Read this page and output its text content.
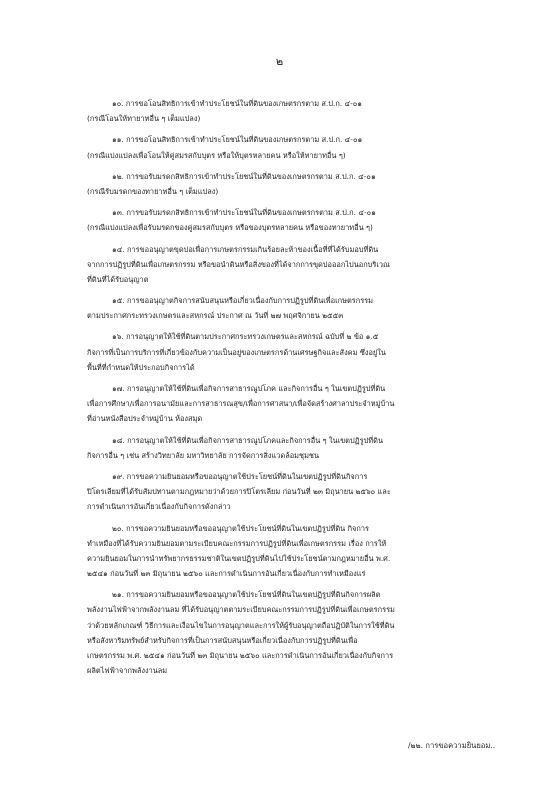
๒
๑๐. การขอโอนสิทธิการเข้าทำประโยชน์ในที่ดินของเกษตรกรตาม ส.ป.ก. ๔-๐๑
(กรณีโอนให้ทายาทอื่น ๆ เต็มแปลง)
๑๑. การขอโอนสิทธิการเข้าทำประโยชน์ในที่ดินของเกษตรกรตาม ส.ป.ก. ๔-๐๑
(กรณีแบ่งแปลงเพื่อโอนให้คู่สมรสกับบุตร หรือให้บุตรหลายคน หรือให้ทายาทอื่น ๆ)
๑๒. การขอรับมรดกสิทธิการเข้าทำประโยชน์ในที่ดินของเกษตรกรตาม ส.ป.ก. ๔-๐๑
(กรณีรับมรดกของทายาทอื่น ๆ เต็มแปลง)
๑๓. การขอรับมรดกสิทธิการเข้าทำประโยชน์ในที่ดินของเกษตรกรตาม ส.ป.ก. ๔-๐๑
(กรณีแบ่งแปลงเพื่อรับมรดกของคู่สมรสกับบุตร หรือของบุตรหลายคน หรือของทายาทอื่น ๆ)
๑๔. การขออนุญาตขุดบ่อเพื่อการเกษตรกรรมเกินร้อยละห้าของเนื้อที่ที่ได้รับมอบที่ดิน
จากการปฏิรูปที่ดินเพื่อเกษตรกรรม หรือขอนำดินหรือสิ่งของที่ได้จากการขุดบ่อออกไปนอกบริเวณ
ที่ดินที่ได้รับอนุญาต
๑๕. การขออนุญาตกิจการสนับสนุนหรือเกี่ยวเนื่องกับการปฏิรูปที่ดินเพื่อเกษตรกรรม
ตามประกาศกระทรวงเกษตรและสหกรณ์ ประกาศ ณ วันที่ ๒๗ พฤศจิกายน ๒๕๕๓
๑๖. การอนุญาตให้ใช้ที่ดินตามประกาศกระทรวงเกษตรและสหกรณ์ ฉบับที่ ๒ ข้อ ๑.๕
กิจการที่เป็นการบริการที่เกี่ยวข้องกับความเป็นอยู่ของเกษตรกรด้านเศรษฐกิจและสังคม ซึ่งอยู่ใน
พื้นที่ที่กำหนดให้ประกอบกิจการได้
๑๗. การอนุญาตให้ใช้ที่ดินเพื่อกิจการสาธารณูปโภค และกิจการอื่น ๆ ในเขตปฏิรูปที่ดิน
เพื่อการศึกษา/เพื่อการอนามัยและการสาธารณสุข/เพื่อการศาสนา/เพื่อจัดสร้างศาลาประจำหมู่บ้าน
ที่อ่านหนังสือประจำหมู่บ้าน ห้องสมุด
๑๘. การอนุญาตให้ใช้ที่ดินเพื่อกิจการสาธารณูปโภคและกิจการอื่น ๆ ในเขตปฏิรูปที่ดิน
กิจการอื่น ๆ เช่น สร้างวิทยาลัย มหาวิทยาลัย การจัดการสิ่งแวดล้อมชุมชน
๑๙. การขอความยินยอมหรือขออนุญาตใช้ประโยชน์ที่ดินในเขตปฏิรูปที่ดินกิจการ
ปิโตรเลียมที่ได้รับสัมปทานตามกฎหมายว่าด้วยการปิโตรเลียม ก่อนวันที่ ๒๓ มิถุนายน ๒๕๖๐ และ
การดำเนินการอันเกี่ยวเนื่องกับกิจการดังกล่าว
๒๐. การขอความยินยอมหรือขออนุญาตใช้ประโยชน์ที่ดินในเขตปฏิรูปที่ดิน กิจการ
ทำเหมืองที่ได้รับความยินยอมตามระเบียบคณะกรรมการปฏิรูปที่ดินเพื่อเกษตรกรรม เรื่อง การให้
ความยินยอมในการนำทรัพยากรธรรมชาติในเขตปฏิรูปที่ดินไปใช้ประโยชน์ตามกฎหมายอื่น พ.ศ.
๒๕๔๑ ก่อนวันที่ ๒๓ มิถุนายน ๒๕๖๐ และการดำเนินการอันเกี่ยวเนื่องกับการทำเหมืองแร่
๒๑. การขอความยินยอมหรือขออนุญาตใช้ประโยชน์ที่ดินในเขตปฏิรูปที่ดินกิจการผลิต
พลังงานไฟฟ้าจากพลังงานลม ที่ได้รับอนุญาตตามระเบียบคณะกรรมการปฏิรูปที่ดินเพื่อเกษตรกรรม
ว่าด้วยหลักเกณฑ์ วิธีการและเงื่อนไขในการอนุญาตและการให้ผู้รับอนุญาตถือปฏิบัติในการใช้ที่ดิน
หรือสังหาริมทรัพย์สำหรับกิจการที่เป็นการสนับสนุนหรือเกี่ยวเนื่องกับการปฏิรูปที่ดินเพื่อ
เกษตรกรรม พ.ศ. ๒๕๔๑ ก่อนวันที่ ๒๓ มิถุนายน ๒๕๖๐ และการดำเนินการอันเกี่ยวเนื่องกับกิจการ
ผลิตไฟฟ้าจากพลังงานลม
/๒๒. การขอความยินยอม..
